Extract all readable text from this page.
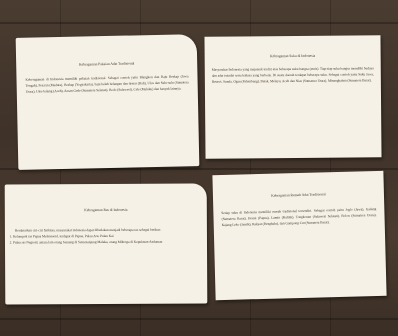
Kebragaman Pakaian Adat Tradisional

Keberagaman di Indonesia memiliki pakaian tradisional. Sebagai contoh yaitu Blangkon dan Baju Beskap (Jawa Tengah), Pesa'an (Madura), Beskap (Yogyakarta), baju belah belangan dan destar (Bali), Ulos dan Sulu-sulu (Sumatera Utara), Ulee balang (Aceh), Aesan Gede (Sumatera Selatan), Bodo (Sulawesi), Cele (Maluku) dan banyak lainnya.

Kebragaman Suku di Indonesia

Masyarakat Indonesia yang majemuk terdiri atas beberapa suku bangsa (etnis). Tiap-tiap suku bangsa memiliki budaya dan adat istiadat serta bahasa yang berbeda. Di suatu daerah terdapat beberapa suku. Sebagai contoh yaitu Suku Jawa, Betawi, Sunda, Ogan (Palembang), Batak, Melayu, Aceh dan Nias (Sumatera Utara), Minangkabau (Sumatera Barat).

Kebragaman Ras di Indonesia

Berdasarkan ciri-ciri fisiknya, masyarakat indonesia dapat dibedakan menjadi beberapa ras sebagai berikut:

1. Kelompok ras Papua Melanesoid, terdapat di Papua, Pulau Aru, Pulau Kai
2. Pulau ras Negroid, antara lain orang Semang di Semenanjung Malaka, orang Mikroga di Kepulauan Andaman
Kebragaman Rumah Adat Tradisional

Setiap suku di Indonesia memiliki rumah tradisional tersendiri. Sebagai contoh yaitu Joglo (Jawa), Gadang (Sumatera Barat), Honai (Papua), Lamin (Kaltim), Tongkonan (Sulawesi Selatan), Bolon (Sumatera Utara), Kajang Leko (Jambi), Rakyat (Bengkulu), dan Gampong Cut (Sumatera Barat).
